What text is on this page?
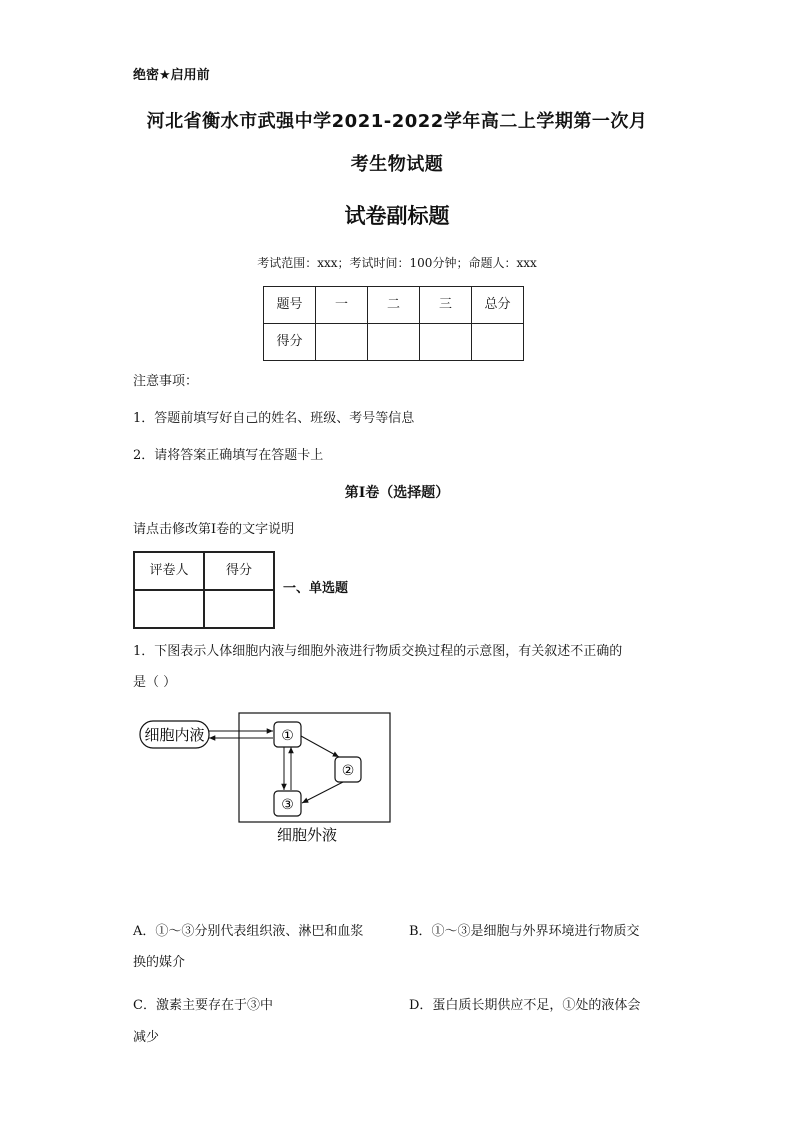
绝密★启用前
河北省衡水市武强中学2021-2022学年高二上学期第一次月
考生物试题
试卷副标题
考试范围：xxx；考试时间：100分钟；命题人：xxx
题号	一	二	三	总分
得分				
注意事项：
1．答题前填写好自己的姓名、班级、考号等信息
2．请将答案正确填写在答题卡上
第I卷（选择题）
请点击修改第I卷的文字说明
评卷人	得分

一、单选题
1．下图表示人体细胞内液与细胞外液进行物质交换过程的示意图，有关叙述不正确的
是（ ）
细胞内液	①
②
③
细胞外液
A．①～③分别代表组织液、淋巴和血浆	B．①～③是细胞与外界环境进行物质交
换的媒介
C．激素主要存在于③中	D．蛋白质长期供应不足，①处的液体会
减少
